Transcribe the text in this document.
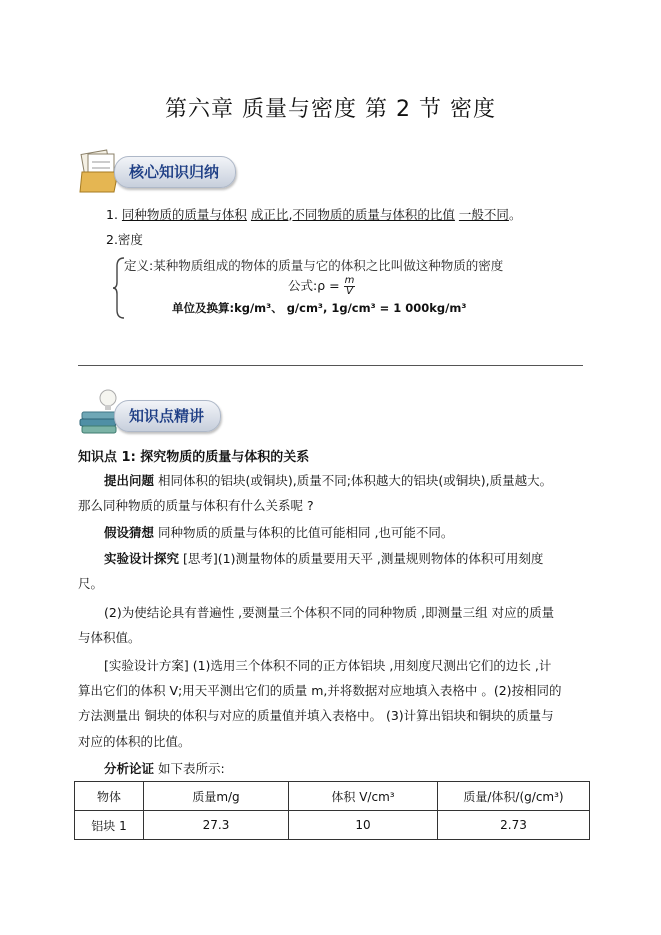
第六章 质量与密度 第 2 节 密度
核心知识归纳
1. 同种物质的质量与体积 成正比,不同物质的质量与体积的比值 一般不同。
2.密度
定义:某种物质组成的物体的质量与它的体积之比叫做这种物质的密度
公式:ρ = $\frac{m}{V}$
单位及换算:kg/m³、 g/cm³, 1g/cm³ = 1 000kg/m³
知识点精讲
知识点 1: 探究物质的质量与体积的关系
提出问题 相同体积的铝块(或铜块),质量不同;体积越大的铝块(或铜块),质量越大。
那么同种物质的质量与体积有什么关系呢 ?
假设猜想 同种物质的质量与体积的比值可能相同 ,也可能不同。
实验设计探究 [思考](1)测量物体的质量要用天平 ,测量规则物体的体积可用刻度
尺。
(2)为使结论具有普遍性 ,要测量三个体积不同的同种物质 ,即测量三组 对应的质量
与体积值。
[实验设计方案] (1)选用三个体积不同的正方体铝块 ,用刻度尺测出它们的边长 ,计
算出它们的体积 V;用天平测出它们的质量 m,并将数据对应地填入表格中 。(2)按相同的
方法测量出 铜块的体积与对应的质量值并填入表格中。 (3)计算出铝块和铜块的质量与
对应的体积的比值。
分析论证 如下表所示:
物体	质量m/g	体积 V/cm³	质量/体积/(g/cm³)
铝块 1	27.3	10	2.73
